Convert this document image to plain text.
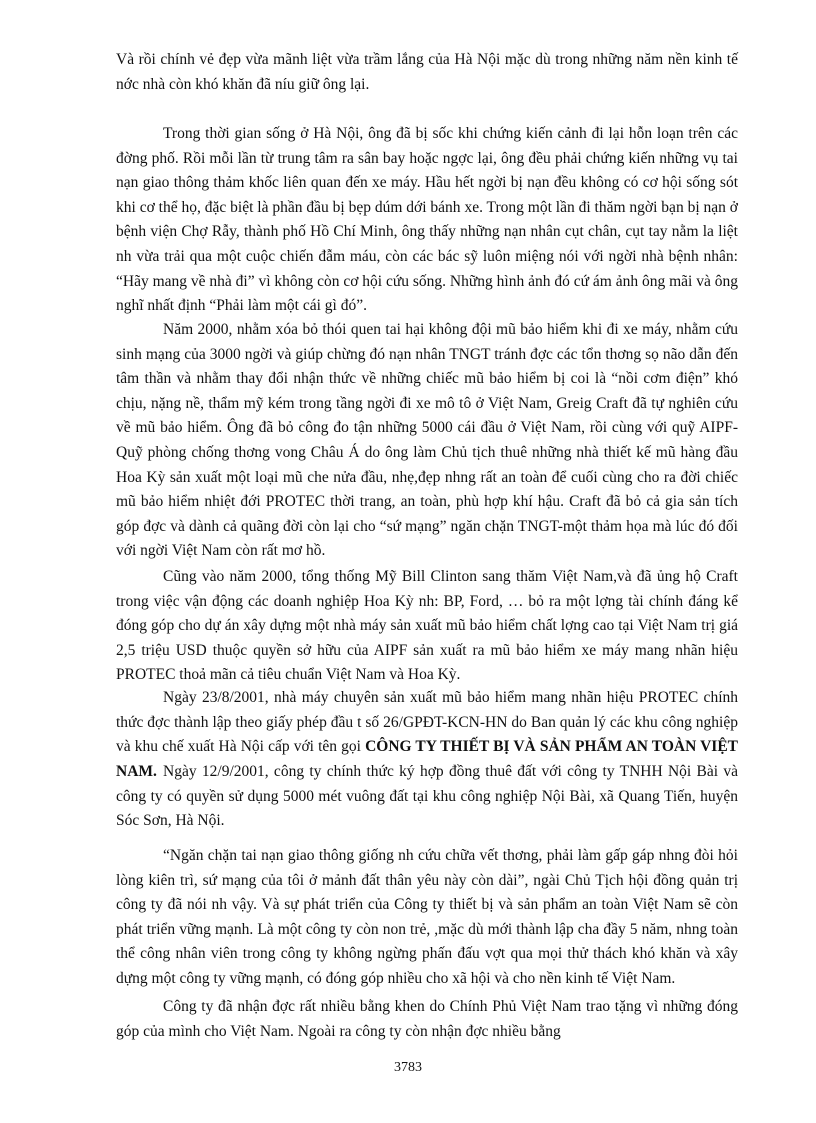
Và rồi chính vẻ đẹp vừa mãnh liệt vừa trầm lắng của Hà Nội mặc dù trong những năm nền kinh tế nớc nhà còn khó khăn đã níu giữ ông lại.

Trong thời gian sống ở Hà Nội, ông đã bị sốc khi chứng kiến cảnh đi lại hỗn loạn trên các đờng phố. Rồi mỗi lần từ trung tâm ra sân bay hoặc ngợc lại, ông đều phải chứng kiến những vụ tai nạn giao thông thảm khốc liên quan đến xe máy. Hầu hết ngời bị nạn đều không có cơ hội sống sót khi cơ thể họ, đặc biệt là phần đầu bị bẹp dúm dới bánh xe. Trong một lần đi thăm ngời bạn bị nạn ở bệnh viện Chợ Rẫy, thành phố Hồ Chí Minh, ông thấy những nạn nhân cụt chân, cụt tay nằm la liệt nh vừa trải qua một cuộc chiến đẫm máu, còn các bác sỹ luôn miệng nói với ngời nhà bệnh nhân: “Hãy mang về nhà đi” vì không còn cơ hội cứu sống. Những hình ảnh đó cứ ám ảnh ông mãi và ông nghĩ nhất định “Phải làm một cái gì đó”.

Năm 2000, nhằm xóa bỏ thói quen tai hại không đội mũ bảo hiểm khi đi xe máy, nhằm cứu sinh mạng của 3000 ngời và giúp chừng đó nạn nhân TNGT tránh đợc các tổn thơng sọ não dẫn đến tâm thần và nhằm thay đổi nhận thức về những chiếc mũ bảo hiểm bị coi là “nồi cơm điện” khó chịu, nặng nề, thẩm mỹ kém trong tầng ngời đi xe mô tô ở Việt Nam, Greig Craft đã tự nghiên cứu về mũ bảo hiểm. Ông đã bỏ công đo tận những 5000 cái đầu ở Việt Nam, rồi cùng với quỹ AIPF-Quỹ phòng chống thơng vong Châu Á do ông làm Chủ tịch thuê những nhà thiết kế mũ hàng đầu Hoa Kỳ sản xuất một loại mũ che nửa đầu, nhẹ,đẹp nhng rất an toàn để cuối cùng cho ra đời chiếc mũ bảo hiểm nhiệt đới PROTEC thời trang, an toàn, phù hợp khí hậu. Craft đã bỏ cả gia sản tích góp đợc và dành cả quãng đời còn lại cho “sứ mạng” ngăn chặn TNGT-một thảm họa mà lúc đó đối với ngời Việt Nam còn rất mơ hồ.

Cũng vào năm 2000, tổng thống Mỹ Bill Clinton sang thăm Việt Nam,và đã ủng hộ Craft trong việc vận động các doanh nghiệp Hoa Kỳ nh: BP, Ford, … bỏ ra một lợng tài chính đáng kể đóng góp cho dự án xây dựng một nhà máy sản xuất mũ bảo hiểm chất lợng cao tại Việt Nam trị giá 2,5 triệu USD thuộc quyền sở hữu của AIPF sản xuất ra mũ bảo hiểm xe máy mang nhãn hiệu PROTEC thoả mãn cả tiêu chuẩn Việt Nam và Hoa Kỳ.

Ngày 23/8/2001, nhà máy chuyên sản xuất mũ bảo hiểm mang nhãn hiệu PROTEC chính thức đợc thành lập theo giấy phép đầu t số 26/GPĐT-KCN-HN do Ban quản lý các khu công nghiệp và khu chế xuất Hà Nội cấp với tên gọi CÔNG TY THIẾT BỊ VÀ SẢN PHẨM AN TOÀN VIỆT NAM. Ngày 12/9/2001, công ty chính thức ký hợp đồng thuê đất với công ty TNHH Nội Bài và công ty có quyền sử dụng 5000 mét vuông đất tại khu công nghiệp Nội Bài, xã Quang Tiến, huyện Sóc Sơn, Hà Nội.

“Ngăn chặn tai nạn giao thông giống nh cứu chữa vết thơng, phải làm gấp gáp nhng đòi hỏi lòng kiên trì, sứ mạng của tôi ở mảnh đất thân yêu này còn dài”, ngài Chủ Tịch hội đồng quản trị công ty đã nói nh vậy. Và sự phát triển của Công ty thiết bị và sản phẩm an toàn Việt Nam sẽ còn phát triển vững mạnh. Là một công ty còn non trẻ, ,mặc dù mới thành lập cha đầy 5 năm, nhng toàn thể công nhân viên trong công ty không ngừng phấn đấu vợt qua mọi thử thách khó khăn và xây dựng một công ty vững mạnh, có đóng góp nhiều cho xã hội và cho nền kinh tế Việt Nam.

Công ty đã nhận đợc rất nhiều bằng khen do Chính Phủ Việt Nam trao tặng vì những đóng góp của mình cho Việt Nam. Ngoài ra công ty còn nhận đợc nhiều bằng

3783
